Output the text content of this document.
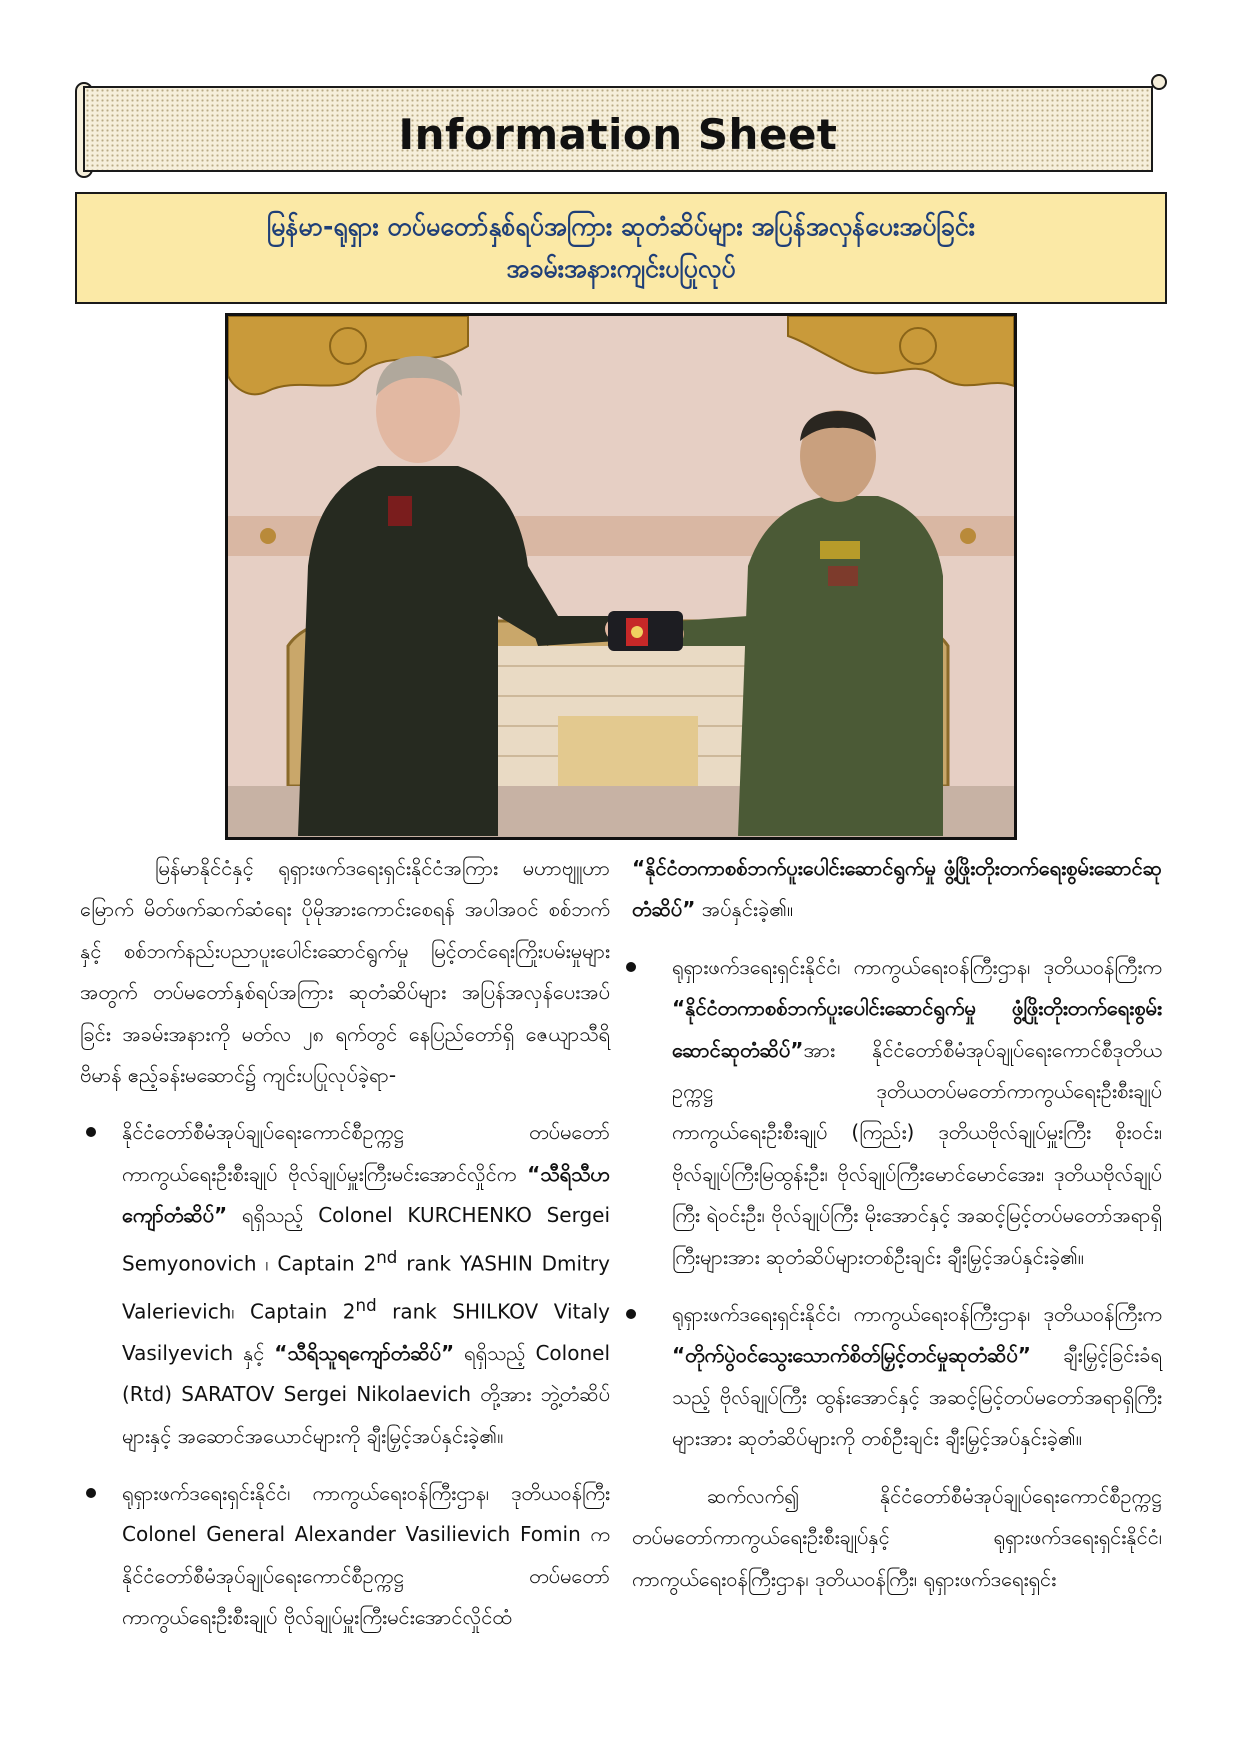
Information Sheet
မြန်မာ-ရုရှား တပ်မတော်နှစ်ရပ်အကြား ဆုတံဆိပ်များ အပြန်အလှန်ပေးအပ်ခြင်း
အခမ်းအနားကျင်းပပြုလုပ်

မြန်မာနိုင်ငံနှင့် ရုရှားဖက်ဒရေးရှင်းနိုင်ငံအကြား မဟာဗျူဟာမြောက် မိတ်ဖက်ဆက်ဆံရေး ပိုမိုအားကောင်းစေရန် အပါအဝင် စစ်ဘက်နှင့် စစ်ဘက်နည်းပညာပူးပေါင်းဆောင်ရွက်မှု မြင့်တင်ရေးကြိုးပမ်းမှုများအတွက် တပ်မတော်နှစ်ရပ်အကြား ဆုတံဆိပ်များ အပြန်အလှန်ပေးအပ်ခြင်း အခမ်းအနားကို မတ်လ ၂၈ ရက်တွင် နေပြည်တော်ရှိ ဇေယျာသီရိဗိမာန် ဧည့်ခန်းမဆောင်၌ ကျင်းပပြုလုပ်ခဲ့ရာ-

နိုင်ငံတော်စီမံအုပ်ချုပ်ရေးကောင်စီဥက္ကဋ္ဌ တပ်မတော်ကာကွယ်ရေးဦးစီးချုပ် ဗိုလ်ချုပ်မှူးကြီးမင်းအောင်လှိုင်က “သီရိသီဟကျော်တံဆိပ်” ရရှိသည့် Colonel KURCHENKO Sergei Semyonovich ၊ Captain 2nd rank YASHIN Dmitry Valerievich၊ Captain 2nd rank SHILKOV Vitaly Vasilyevich နှင့် “သီရိသူရကျော်တံဆိပ်” ရရှိသည့် Colonel (Rtd) SARATOV Sergei Nikolaevich တို့အား ဘွဲ့တံဆိပ်များနှင့် အဆောင်အယောင်များကို ချီးမြှင့်အပ်နှင်းခဲ့၏။
ရုရှားဖက်ဒရေးရှင်းနိုင်ငံ၊ ကာကွယ်ရေးဝန်ကြီးဌာန၊ ဒုတိယဝန်ကြီး Colonel General Alexander Vasilievich Fomin က နိုင်ငံတော်စီမံအုပ်ချုပ်ရေးကောင်စီဥက္ကဋ္ဌ တပ်မတော်ကာကွယ်ရေးဦးစီးချုပ် ဗိုလ်ချုပ်မှူးကြီးမင်းအောင်လှိုင်ထံ

“နိုင်ငံတကာစစ်ဘက်ပူးပေါင်းဆောင်ရွက်မှု ဖွံ့ဖြိုးတိုးတက်ရေးစွမ်းဆောင်ဆုတံဆိပ်” အပ်နှင်းခဲ့၏။

ရုရှားဖက်ဒရေးရှင်းနိုင်ငံ၊ ကာကွယ်ရေးဝန်ကြီးဌာန၊ ဒုတိယဝန်ကြီးက “နိုင်ငံတကာစစ်ဘက်ပူးပေါင်းဆောင်ရွက်မှု ဖွံ့ဖြိုးတိုးတက်ရေးစွမ်းဆောင်ဆုတံဆိပ်”အား နိုင်ငံတော်စီမံအုပ်ချုပ်ရေးကောင်စီဒုတိယဥက္ကဋ္ဌ ဒုတိယတပ်မတော်ကာကွယ်ရေးဦးစီးချုပ် ကာကွယ်ရေးဦးစီးချုပ် (ကြည်း) ဒုတိယဗိုလ်ချုပ်မှူးကြီး စိုးဝင်း၊ ဗိုလ်ချုပ်ကြီးမြထွန်းဦး၊ ဗိုလ်ချုပ်ကြီးမောင်မောင်အေး၊ ဒုတိယဗိုလ်ချုပ်ကြီး ရဲဝင်းဦး၊ ဗိုလ်ချုပ်ကြီး မိုးအောင်နှင့် အဆင့်မြင့်တပ်မတော်အရာရှိကြီးများအား ဆုတံဆိပ်များတစ်ဦးချင်း ချီးမြှင့်အပ်နှင်းခဲ့၏။
ရုရှားဖက်ဒရေးရှင်းနိုင်ငံ၊ ကာကွယ်ရေးဝန်ကြီးဌာန၊ ဒုတိယဝန်ကြီးက “တိုက်ပွဲဝင်သွေးသောက်စိတ်မြှင့်တင်မှုဆုတံဆိပ်” ချီးမြှင့်ခြင်းခံရသည့် ဗိုလ်ချုပ်ကြီး ထွန်းအောင်နှင့် အဆင့်မြင့်တပ်မတော်အရာရှိကြီးများအား ဆုတံဆိပ်များကို တစ်ဦးချင်း ချီးမြှင့်အပ်နှင်းခဲ့၏။

ဆက်လက်၍ နိုင်ငံတော်စီမံအုပ်ချုပ်ရေးကောင်စီဥက္ကဋ္ဌ တပ်မတော်ကာကွယ်ရေးဦးစီးချုပ်နှင့် ရုရှားဖက်ဒရေးရှင်းနိုင်ငံ၊ ကာကွယ်ရေးဝန်ကြီးဌာန၊ ဒုတိယဝန်ကြီး၊ ရုရှားဖက်ဒရေးရှင်း
